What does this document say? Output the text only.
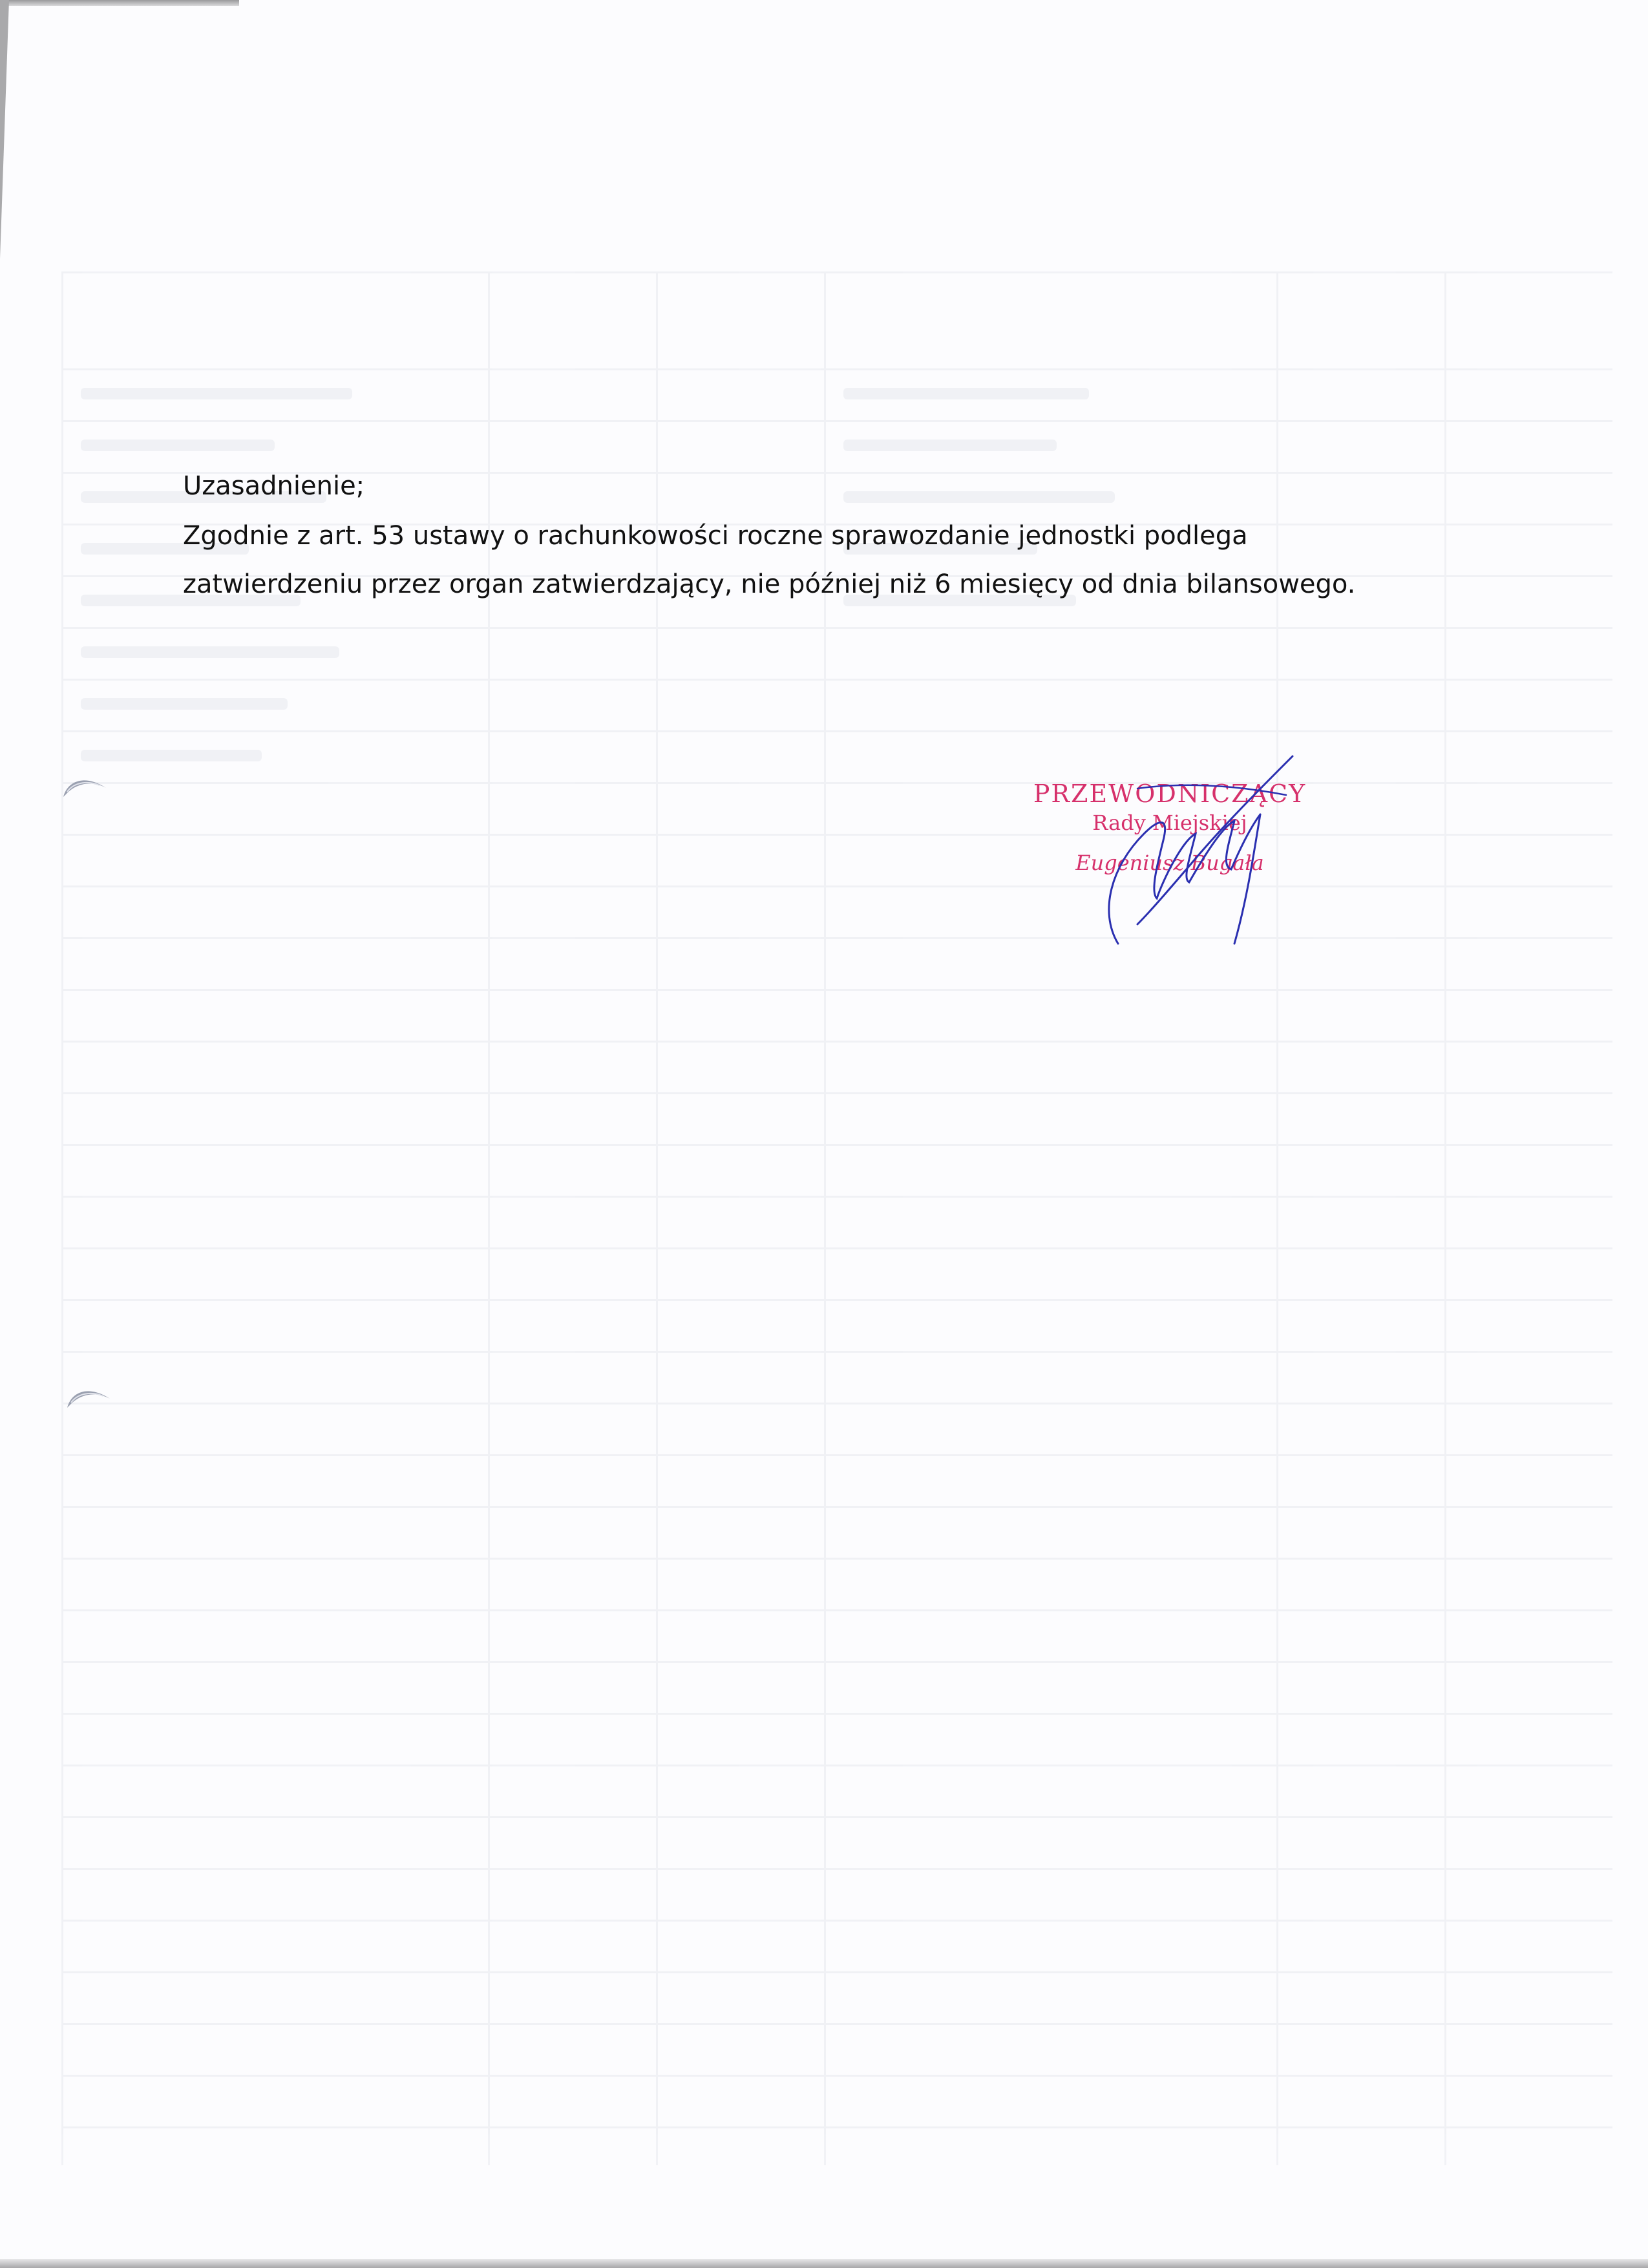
Uzasadnienie;

Zgodnie z art. 53 ustawy o rachunkowości roczne sprawozdanie jednostki podlega

zatwierdzeniu przez organ zatwierdzający, nie później niż 6 miesięcy od dnia bilansowego.

PRZEWODNICZĄCY
Rady Miejskiej
Eugeniusz Bugała
